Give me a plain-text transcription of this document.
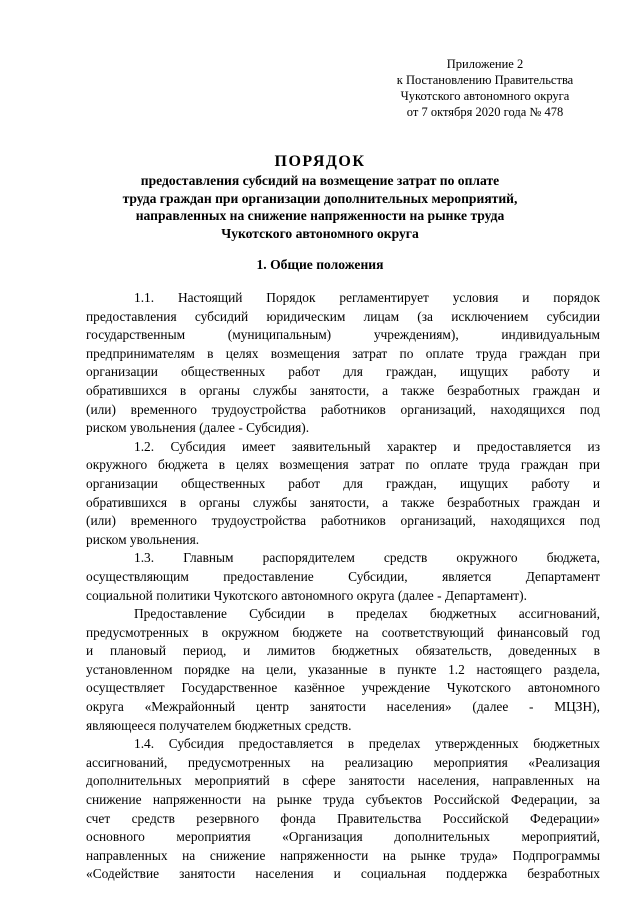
Приложение 2
к Постановлению Правительства
Чукотского автономного округа
от 7 октября 2020 года № 478
ПОРЯДОК
предоставления субсидий на возмещение затрат по оплате
труда граждан при организации дополнительных мероприятий,
направленных на снижение напряженности на рынке труда
Чукотского автономного округа
1. Общие положения
1.1. Настоящий Порядок регламентирует условия и порядок
предоставления субсидий юридическим лицам (за исключением субсидии
государственным (муниципальным) учреждениям), индивидуальным
предпринимателям в целях возмещения затрат по оплате труда граждан при
организации общественных работ для граждан, ищущих работу и
обратившихся в органы службы занятости, а также безработных граждан и
(или) временного трудоустройства работников организаций, находящихся под
риском увольнения (далее - Субсидия).
1.2. Субсидия имеет заявительный характер и предоставляется из
окружного бюджета в целях возмещения затрат по оплате труда граждан при
организации общественных работ для граждан, ищущих работу и
обратившихся в органы службы занятости, а также безработных граждан и
(или) временного трудоустройства работников организаций, находящихся под
риском увольнения.
1.3. Главным распорядителем средств окружного бюджета,
осуществляющим предоставление Субсидии, является Департамент
социальной политики Чукотского автономного округа (далее - Департамент).
Предоставление Субсидии в пределах бюджетных ассигнований,
предусмотренных в окружном бюджете на соответствующий финансовый год
и плановый период, и лимитов бюджетных обязательств, доведенных в
установленном порядке на цели, указанные в пункте 1.2 настоящего раздела,
осуществляет Государственное казённое учреждение Чукотского автономного
округа «Межрайонный центр занятости населения» (далее - МЦЗН),
являющееся получателем бюджетных средств.
1.4. Субсидия предоставляется в пределах утвержденных бюджетных
ассигнований, предусмотренных на реализацию мероприятия «Реализация
дополнительных мероприятий в сфере занятости населения, направленных на
снижение напряженности на рынке труда субъектов Российской Федерации, за
счет средств резервного фонда Правительства Российской Федерации»
основного мероприятия «Организация дополнительных мероприятий,
направленных на снижение напряженности на рынке труда» Подпрограммы
«Содействие занятости населения и социальная поддержка безработных
